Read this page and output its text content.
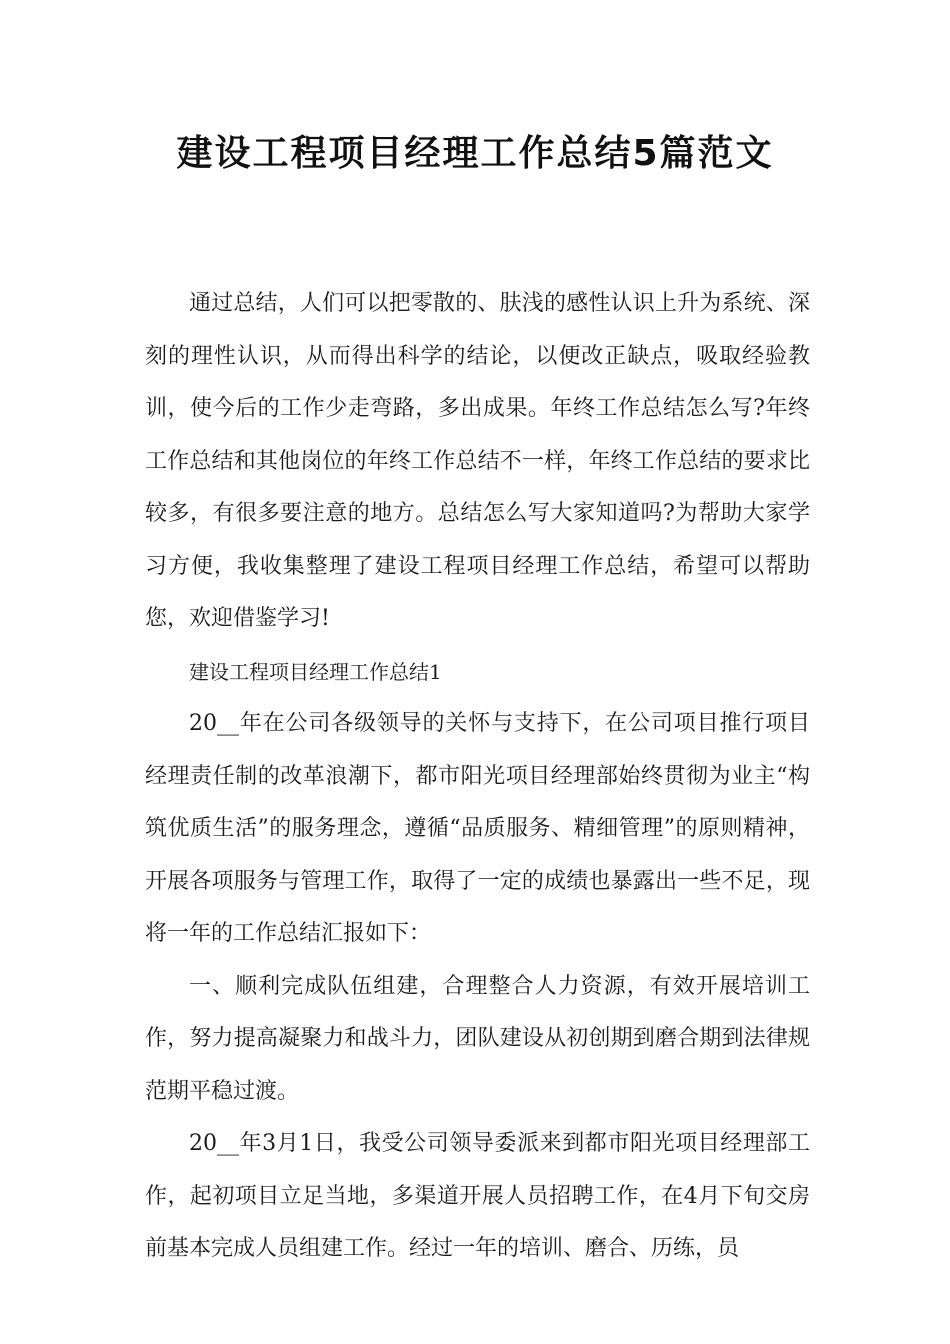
建设工程项目经理工作总结5篇范文

通过总结，人们可以把零散的、肤浅的感性认识上升为系统、深刻的理性认识，从而得出科学的结论，以便改正缺点，吸取经验教训，使今后的工作少走弯路，多出成果。年终工作总结怎么写?年终工作总结和其他岗位的年终工作总结不一样，年终工作总结的要求比较多，有很多要注意的地方。总结怎么写大家知道吗?为帮助大家学习方便，我收集整理了建设工程项目经理工作总结，希望可以帮助您，欢迎借鉴学习!

建设工程项目经理工作总结1

20__年在公司各级领导的关怀与支持下，在公司项目推行项目经理责任制的改革浪潮下，都市阳光项目经理部始终贯彻为业主“构筑优质生活”的服务理念，遵循“品质服务、精细管理”的原则精神，开展各项服务与管理工作，取得了一定的成绩也暴露出一些不足，现将一年的工作总结汇报如下：

一、顺利完成队伍组建，合理整合人力资源，有效开展培训工作，努力提高凝聚力和战斗力，团队建设从初创期到磨合期到法律规范期平稳过渡。

20__年3月1日，我受公司领导委派来到都市阳光项目经理部工作，起初项目立足当地，多渠道开展人员招聘工作，在4月下旬交房前基本完成人员组建工作。经过一年的培训、磨合、历练，员
